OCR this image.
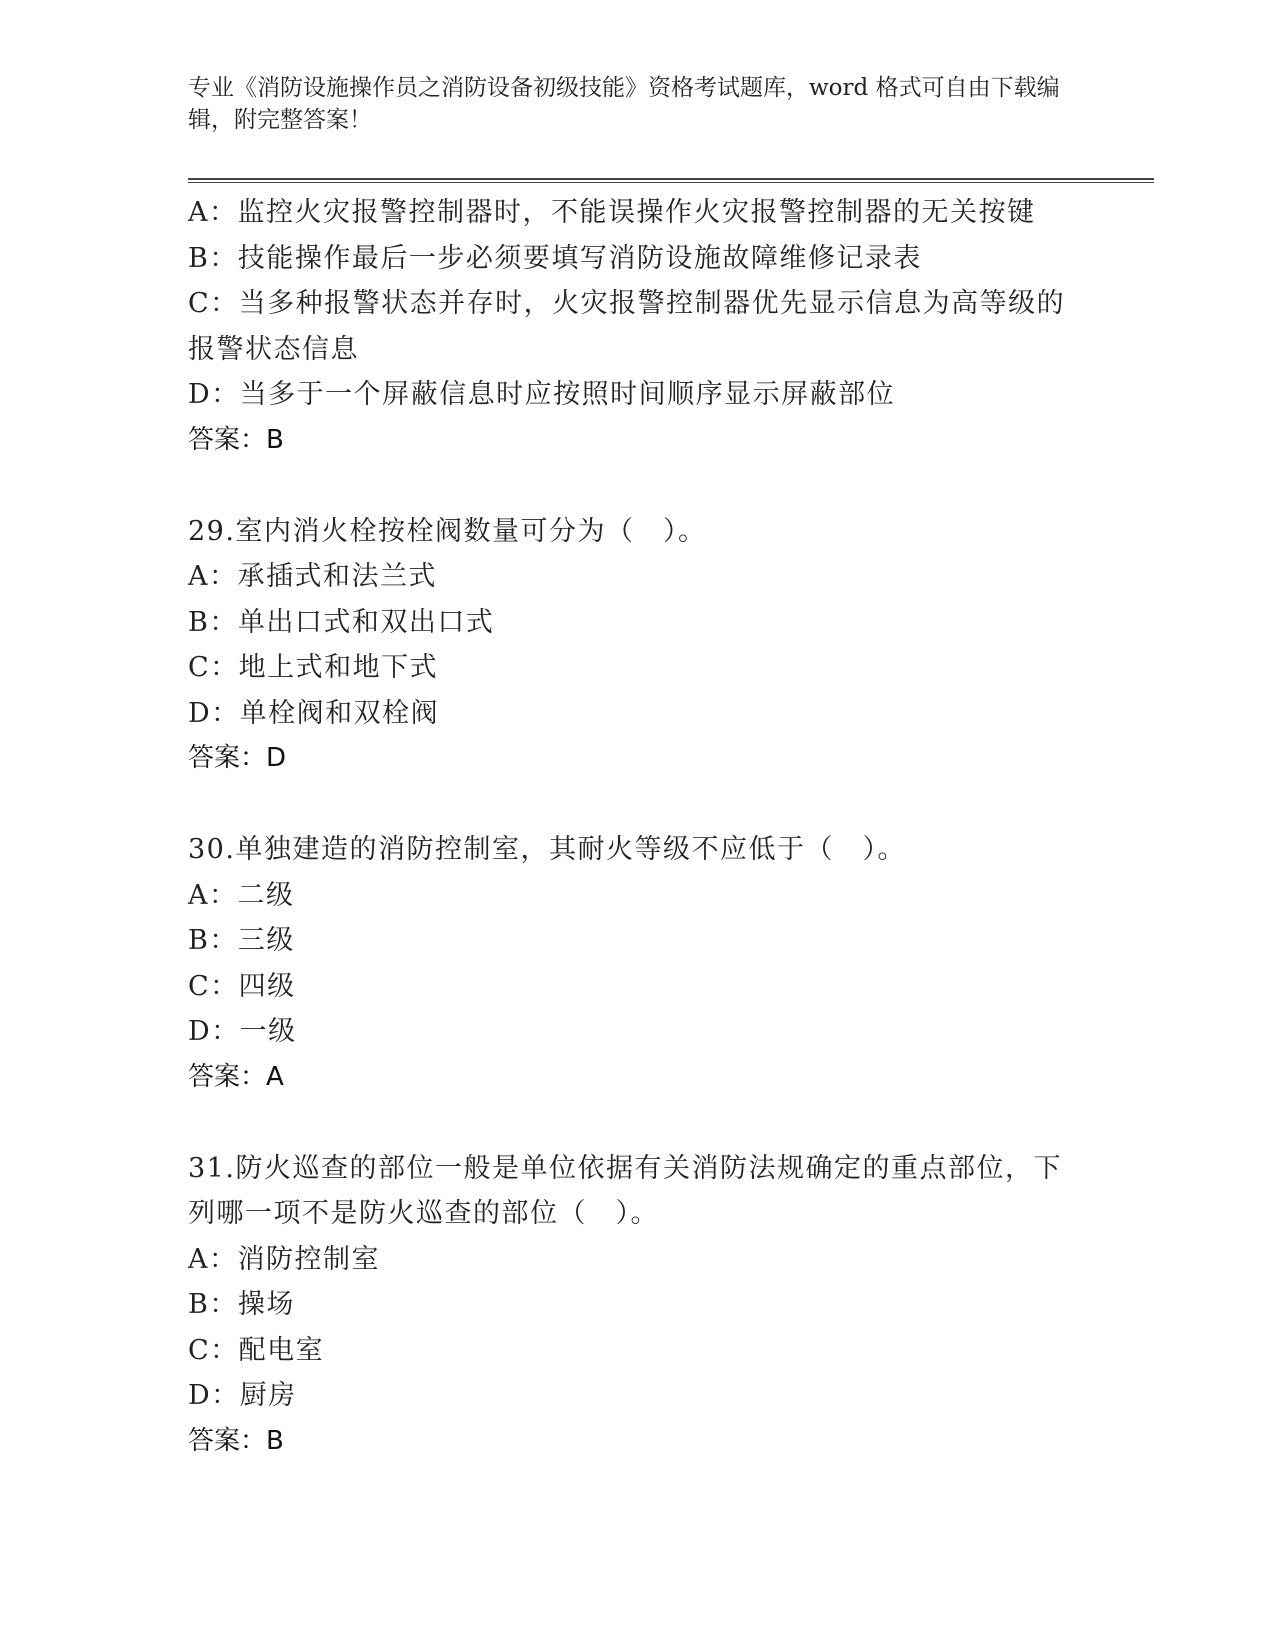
专业《消防设施操作员之消防设备初级技能》资格考试题库，word 格式可自由下载编辑，附完整答案！
A：监控火灾报警控制器时，不能误操作火灾报警控制器的无关按键
B：技能操作最后一步必须要填写消防设施故障维修记录表
C：当多种报警状态并存时，火灾报警控制器优先显示信息为高等级的
报警状态信息
D：当多于一个屏蔽信息时应按照时间顺序显示屏蔽部位
答案：B
29.室内消火栓按栓阀数量可分为（　）。
A：承插式和法兰式
B：单出口式和双出口式
C：地上式和地下式
D：单栓阀和双栓阀
答案：D
30.单独建造的消防控制室，其耐火等级不应低于（　）。
A：二级
B：三级
C：四级
D：一级
答案：A
31.防火巡查的部位一般是单位依据有关消防法规确定的重点部位，下
列哪一项不是防火巡查的部位（　）。
A：消防控制室
B：操场
C：配电室
D：厨房
答案：B
